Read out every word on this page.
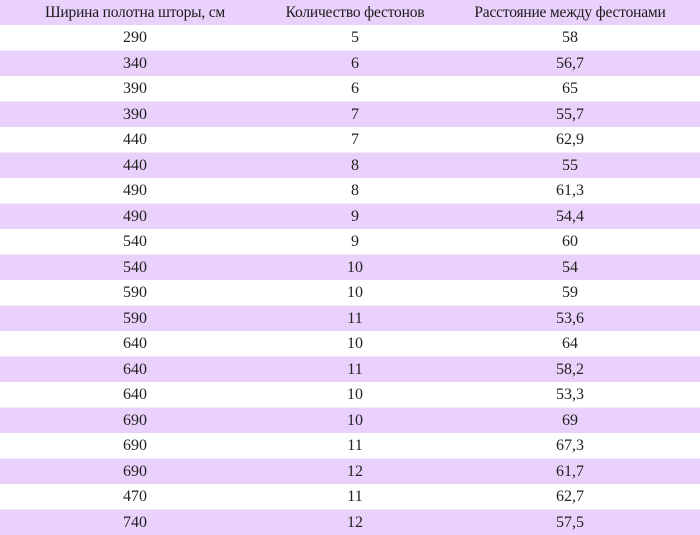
Ширина полотна шторы, см	Количество фестонов	Расстояние между фестонами
290	5	58
340	6	56,7
390	6	65
390	7	55,7
440	7	62,9
440	8	55
490	8	61,3
490	9	54,4
540	9	60
540	10	54
590	10	59
590	11	53,6
640	10	64
640	11	58,2
640	10	53,3
690	10	69
690	11	67,3
690	12	61,7
470	11	62,7
740	12	57,5
